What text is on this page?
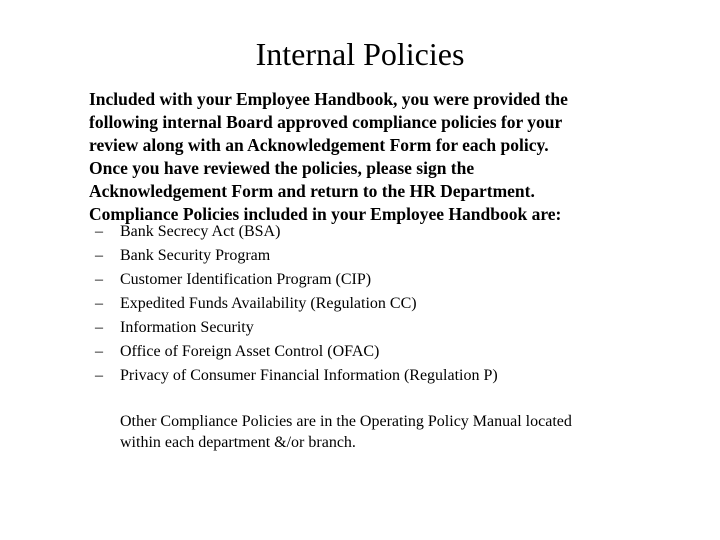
Internal Policies

Included with your Employee Handbook, you were provided the
following internal Board approved compliance policies for your
review along with an Acknowledgement Form for each policy.
Once you have reviewed the policies, please sign the
Acknowledgement Form and return to the HR Department.
Compliance Policies included in your Employee Handbook are:

–	Bank Secrecy Act (BSA)
–	Bank Security Program
–	Customer Identification Program (CIP)
–	Expedited Funds Availability (Regulation CC)
–	Information Security
–	Office of Foreign Asset Control (OFAC)
–	Privacy of Consumer Financial Information (Regulation P)

Other Compliance Policies are in the Operating Policy Manual located
within each department &/or branch.
